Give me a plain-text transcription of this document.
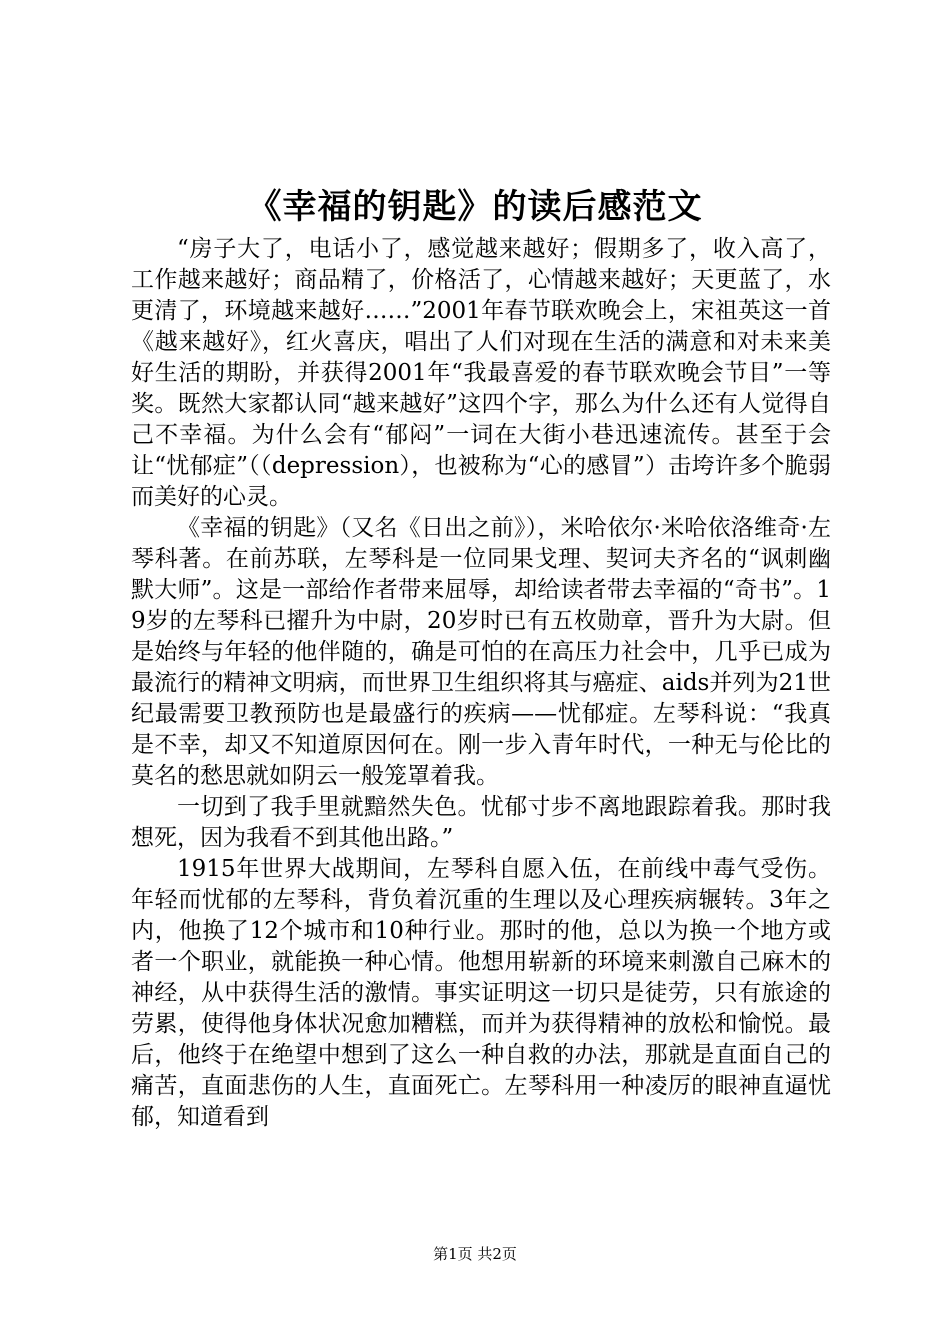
《幸福的钥匙》的读后感范文

“房子大了，电话小了，感觉越来越好；假期多了，收入高了，工作越来越好；商品精了，价格活了，心情越来越好；天更蓝了，水更清了，环境越来越好……”2001年春节联欢晚会上，宋祖英这一首《越来越好》，红火喜庆，唱出了人们对现在生活的满意和对未来美好生活的期盼，并获得2001年“我最喜爱的春节联欢晚会节目”一等奖。既然大家都认同“越来越好”这四个字，那么为什么还有人觉得自己不幸福。为什么会有“郁闷”一词在大街小巷迅速流传。甚至于会让“忧郁症”（（depression），也被称为“心的感冒”）击垮许多个脆弱而美好的心灵。

《幸福的钥匙》（又名《日出之前》），米哈依尔·米哈依洛维奇·左琴科著。在前苏联，左琴科是一位同果戈理、契诃夫齐名的“讽刺幽默大师”。这是一部给作者带来屈辱，却给读者带去幸福的“奇书”。19岁的左琴科已擢升为中尉，20岁时已有五枚勋章，晋升为大尉。但是始终与年轻的他伴随的，确是可怕的在高压力社会中，几乎已成为最流行的精神文明病，而世界卫生组织将其与癌症、aids并列为21世纪最需要卫教预防也是最盛行的疾病——忧郁症。左琴科说：“我真是不幸，却又不知道原因何在。刚一步入青年时代，一种无与伦比的莫名的愁思就如阴云一般笼罩着我。

一切到了我手里就黯然失色。忧郁寸步不离地跟踪着我。那时我想死，因为我看不到其他出路。”

1915年世界大战期间，左琴科自愿入伍，在前线中毒气受伤。年轻而忧郁的左琴科，背负着沉重的生理以及心理疾病辗转。3年之内，他换了12个城市和10种行业。那时的他，总以为换一个地方或者一个职业，就能换一种心情。他想用崭新的环境来刺激自己麻木的神经，从中获得生活的激情。事实证明这一切只是徒劳，只有旅途的劳累，使得他身体状况愈加糟糕，而并为获得精神的放松和愉悦。最后，他终于在绝望中想到了这么一种自救的办法，那就是直面自己的痛苦，直面悲伤的人生，直面死亡。左琴科用一种凌厉的眼神直逼忧郁，知道看到

第1页 共2页
